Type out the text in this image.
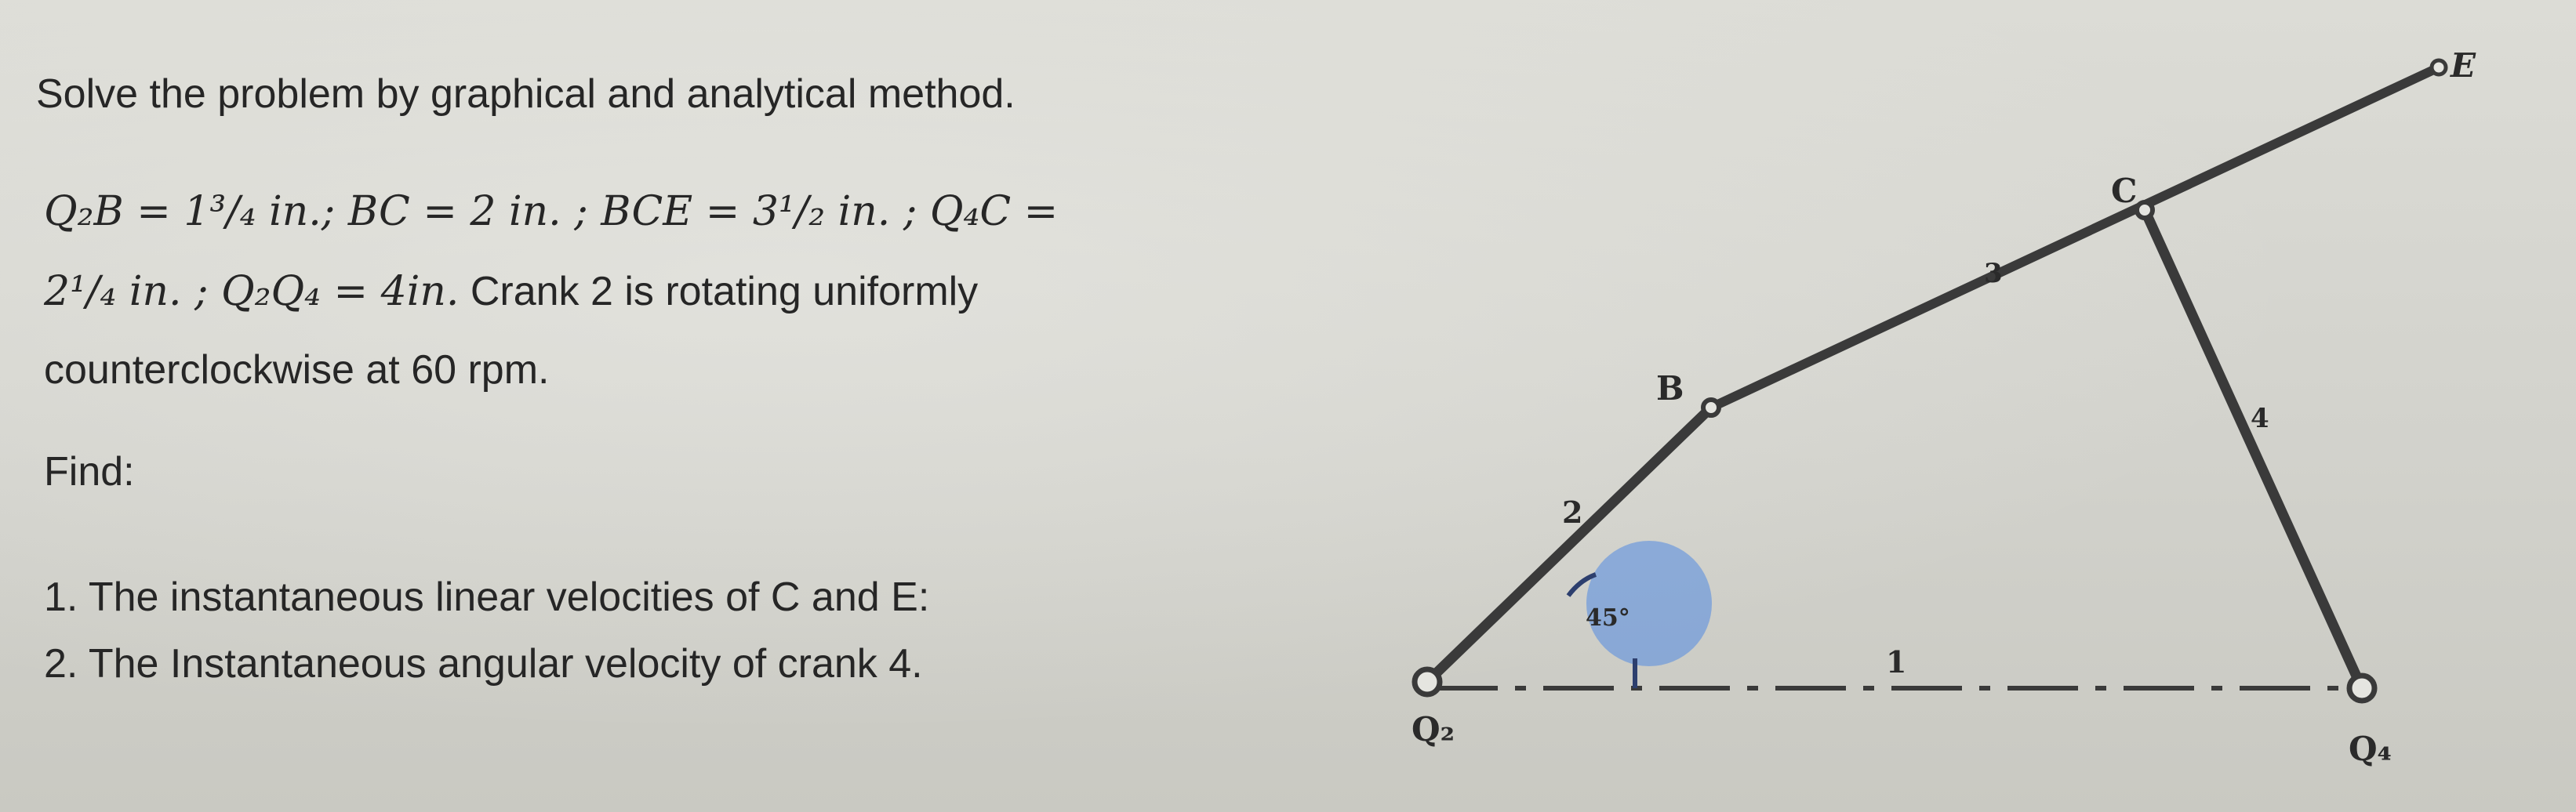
Solve the problem by graphical and analytical method.
Q₂B = 1³/₄ in.; BC = 2 in. ; BCE = 3¹/₂ in. ; Q₄C =
2¹/₄ in. ; Q₂Q₄ = 4in. Crank 2 is rotating uniformly
counterclockwise at 60 rpm.
Find:
1. The instantaneous linear velocities of C and E:
2. The Instantaneous angular velocity of crank 4.
E
C
B
Q₂
Q₄
3
4
2
1
45°
